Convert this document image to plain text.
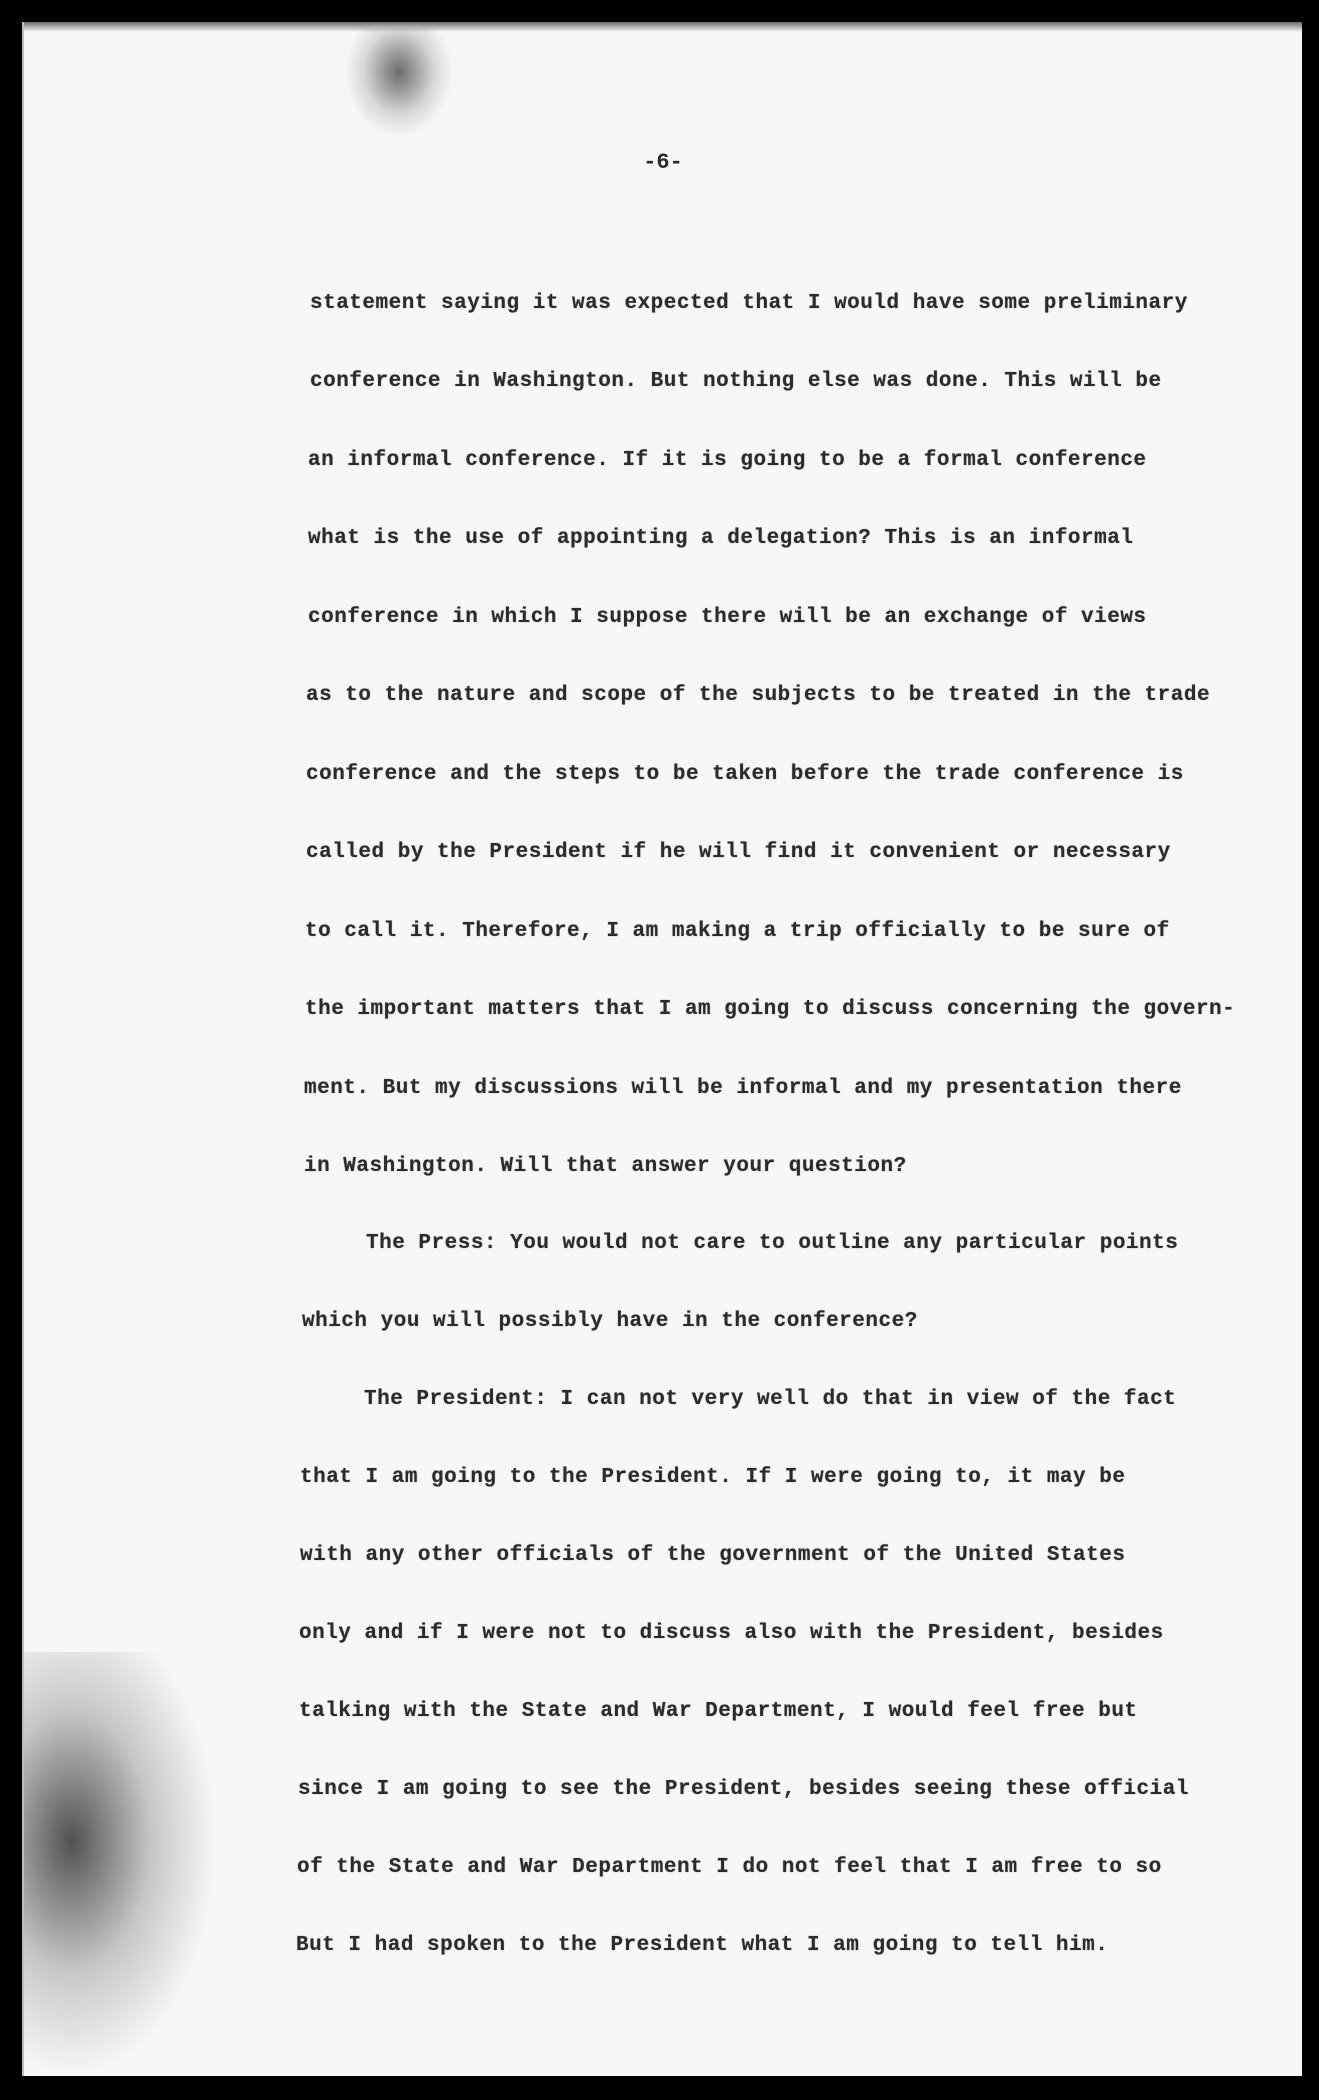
-6-
statement saying it was expected that I would have some preliminary
conference in Washington. But nothing else was done. This will be
an informal conference. If it is going to be a formal conference
what is the use of appointing a delegation? This is an informal
conference in which I suppose there will be an exchange of views
as to the nature and scope of the subjects to be treated in the trade
conference and the steps to be taken before the trade conference is
called by the President if he will find it convenient or necessary
to call it. Therefore, I am making a trip officially to be sure of
the important matters that I am going to discuss concerning the govern-
ment. But my discussions will be informal and my presentation there
in Washington. Will that answer your question?
The Press: You would not care to outline any particular points
which you will possibly have in the conference?
The President: I can not very well do that in view of the fact
that I am going to the President. If I were going to, it may be
with any other officials of the government of the United States
only and if I were not to discuss also with the President, besides
talking with the State and War Department, I would feel free but
since I am going to see the President, besides seeing these official
of the State and War Department I do not feel that I am free to so
But I had spoken to the President what I am going to tell him.
